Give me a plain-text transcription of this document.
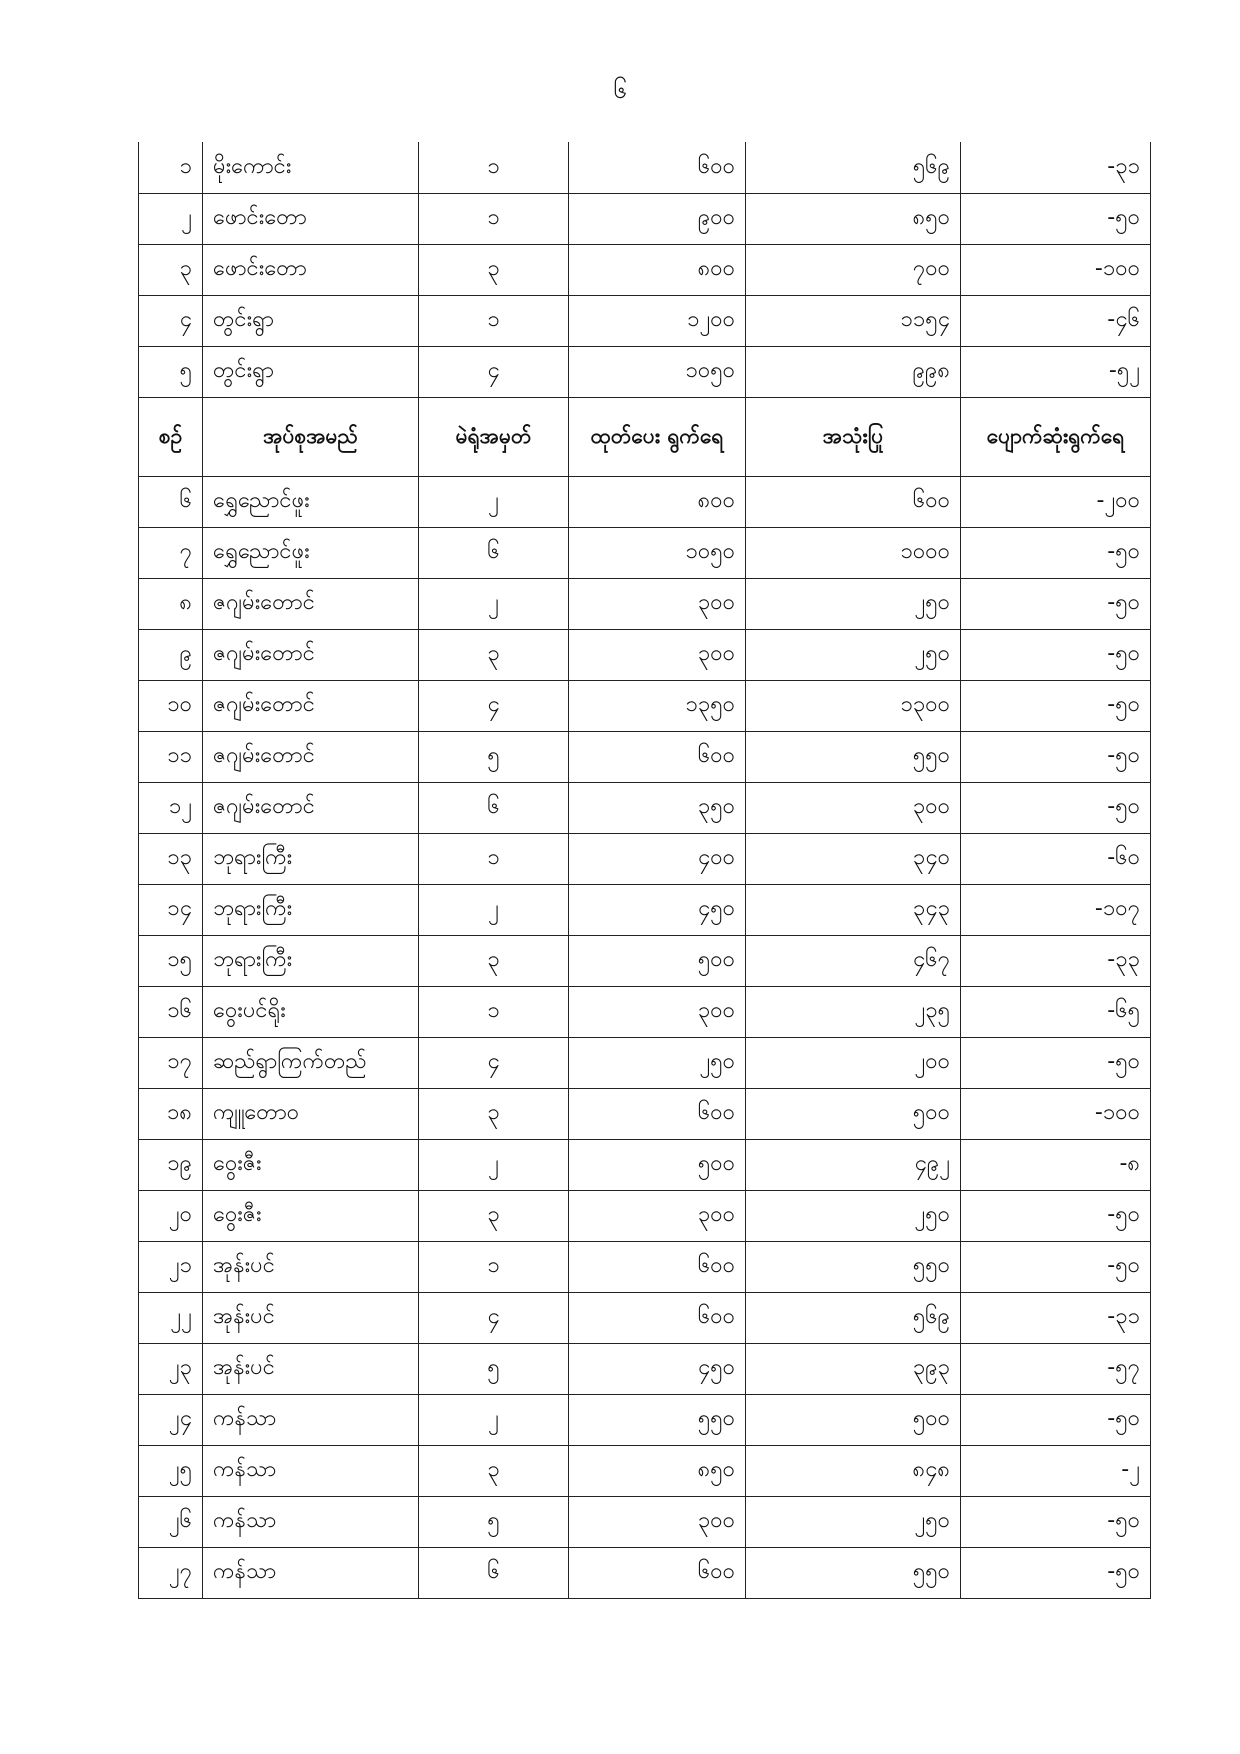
၆
၁	မိုးကောင်း	၁	၆၀၀	၅၆၉	-၃၁
၂	ဖောင်းတော	၁	၉၀၀	၈၅၀	-၅၀
၃	ဖောင်းတော	၃	၈၀၀	၇၀၀	-၁၀၀
၄	တွင်းရွာ	၁	၁၂၀၀	၁၁၅၄	-၄၆
၅	တွင်းရွာ	၄	၁၀၅၀	၉၉၈	-၅၂
စဉ်	အုပ်စုအမည်	မဲရုံအမှတ်	ထုတ်ပေး ရွက်ရေ	အသုံးပြု	ပျောက်ဆုံးရွက်ရေ
၆	ရွှေညောင်ဖူး	၂	၈၀၀	၆၀၀	-၂၀၀
၇	ရွှေညောင်ဖူး	၆	၁၀၅၀	၁၀၀၀	-၅၀
၈	ဇဂျမ်းတောင်	၂	၃၀၀	၂၅၀	-၅၀
၉	ဇဂျမ်းတောင်	၃	၃၀၀	၂၅၀	-၅၀
၁၀	ဇဂျမ်းတောင်	၄	၁၃၅၀	၁၃၀၀	-၅၀
၁၁	ဇဂျမ်းတောင်	၅	၆၀၀	၅၅၀	-၅၀
၁၂	ဇဂျမ်းတောင်	၆	၃၅၀	၃၀၀	-၅၀
၁၃	ဘုရားကြီး	၁	၄၀၀	၃၄၀	-၆၀
၁၄	ဘုရားကြီး	၂	၄၅၀	၃၄၃	-၁၀၇
၁၅	ဘုရားကြီး	၃	၅၀၀	၄၆၇	-၃၃
၁၆	ဝွေးပင်ရိုး	၁	၃၀၀	၂၃၅	-၆၅
၁၇	ဆည်ရွာကြက်တည်	၄	၂၅၀	၂၀၀	-၅၀
၁၈	ကျူတော၀	၃	၆၀၀	၅၀၀	-၁၀၀
၁၉	ဝွေးဇီး	၂	၅၀၀	၄၉၂	-၈
၂၀	ဝွေးဇီး	၃	၃၀၀	၂၅၀	-၅၀
၂၁	အုန်းပင်	၁	၆၀၀	၅၅၀	-၅၀
၂၂	အုန်းပင်	၄	၆၀၀	၅၆၉	-၃၁
၂၃	အုန်းပင်	၅	၄၅၀	၃၉၃	-၅၇
၂၄	ကန်သာ	၂	၅၅၀	၅၀၀	-၅၀
၂၅	ကန်သာ	၃	၈၅၀	၈၄၈	-၂
၂၆	ကန်သာ	၅	၃၀၀	၂၅၀	-၅၀
၂၇	ကန်သာ	၆	၆၀၀	၅၅၀	-၅၀
